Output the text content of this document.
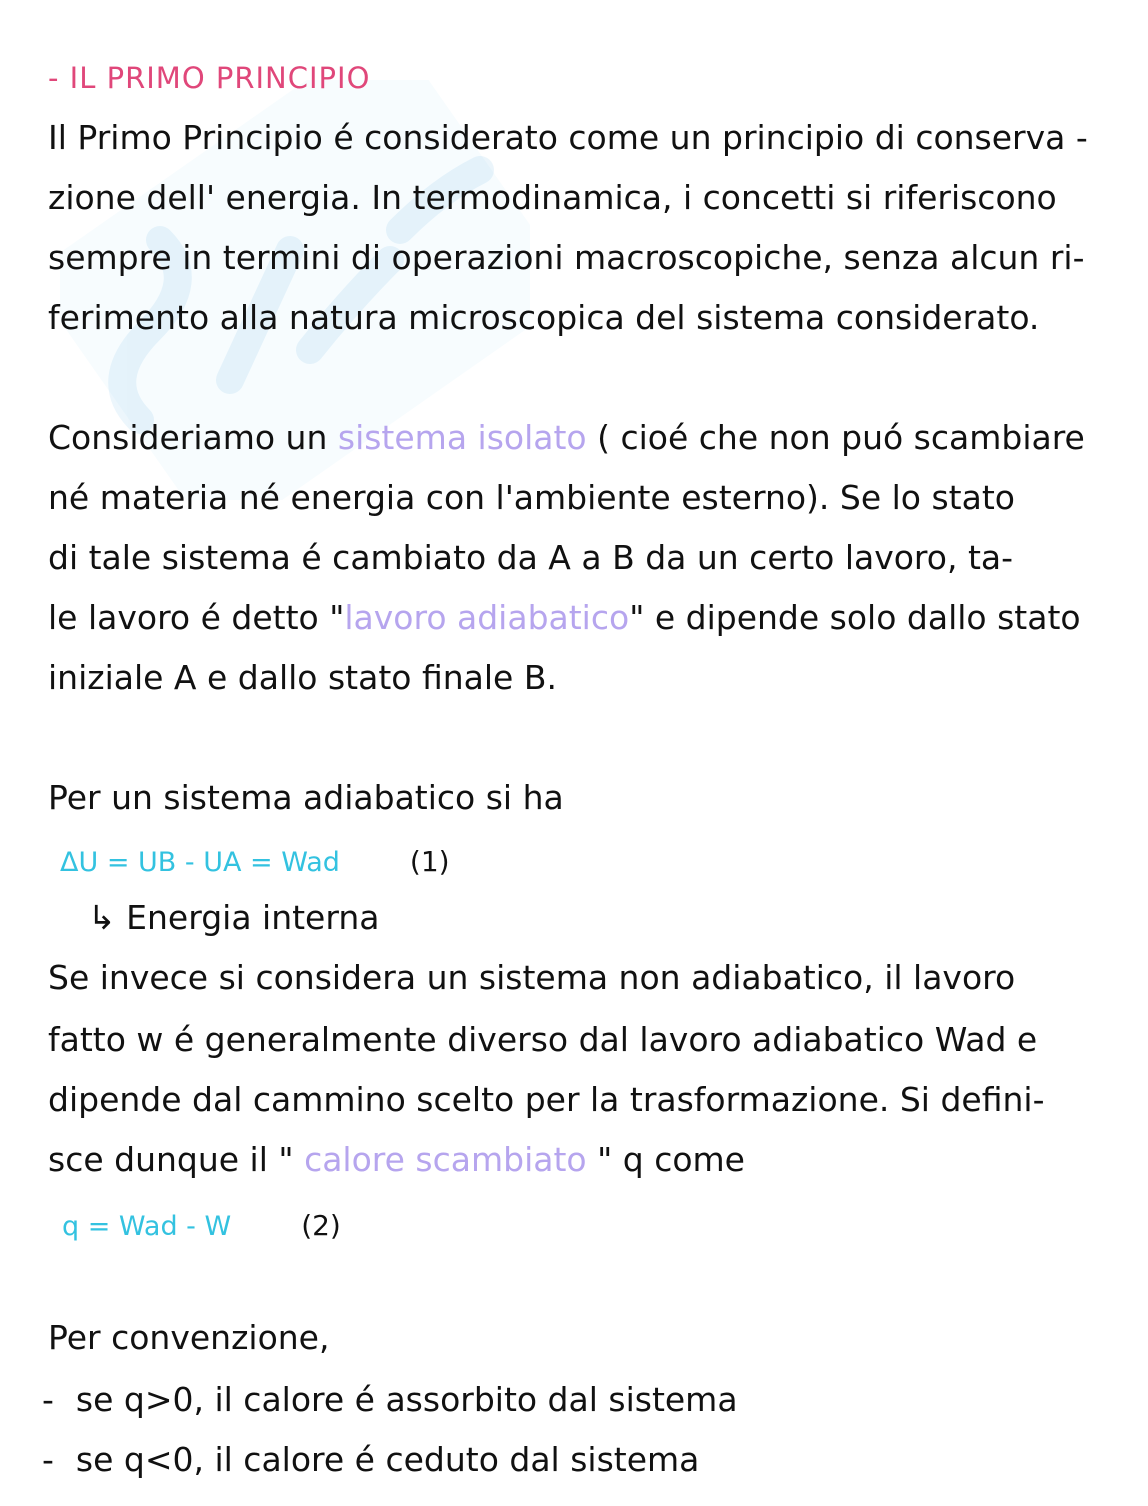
- IL PRIMO PRINCIPIO
Il Primo Principio é considerato come un principio di conserva -
zione dell' energia. In termodinamica, i concetti si riferiscono
sempre in termini di operazioni macroscopiche, senza alcun ri-
ferimento alla natura microscopica del sistema considerato.
Consideriamo un sistema isolato ( cioé che non puó scambiare
né materia né energia con l'ambiente esterno). Se lo stato
di tale sistema é cambiato da A a B da un certo lavoro, ta-
le lavoro é detto "lavoro adiabatico" e dipende solo dallo stato
iniziale A e dallo stato finale B.
Per un sistema adiabatico si ha
ΔU = UB - UA = Wad	(1)
↳ Energia interna
Se invece si considera un sistema non adiabatico, il lavoro
fatto w é generalmente diverso dal lavoro adiabatico Wad e
dipende dal cammino scelto per la trasformazione. Si defini-
sce dunque il " calore scambiato " q come
q = Wad - W	(2)
Per convenzione,
- se q>0, il calore é assorbito dal sistema
- se q<0, il calore é ceduto dal sistema
